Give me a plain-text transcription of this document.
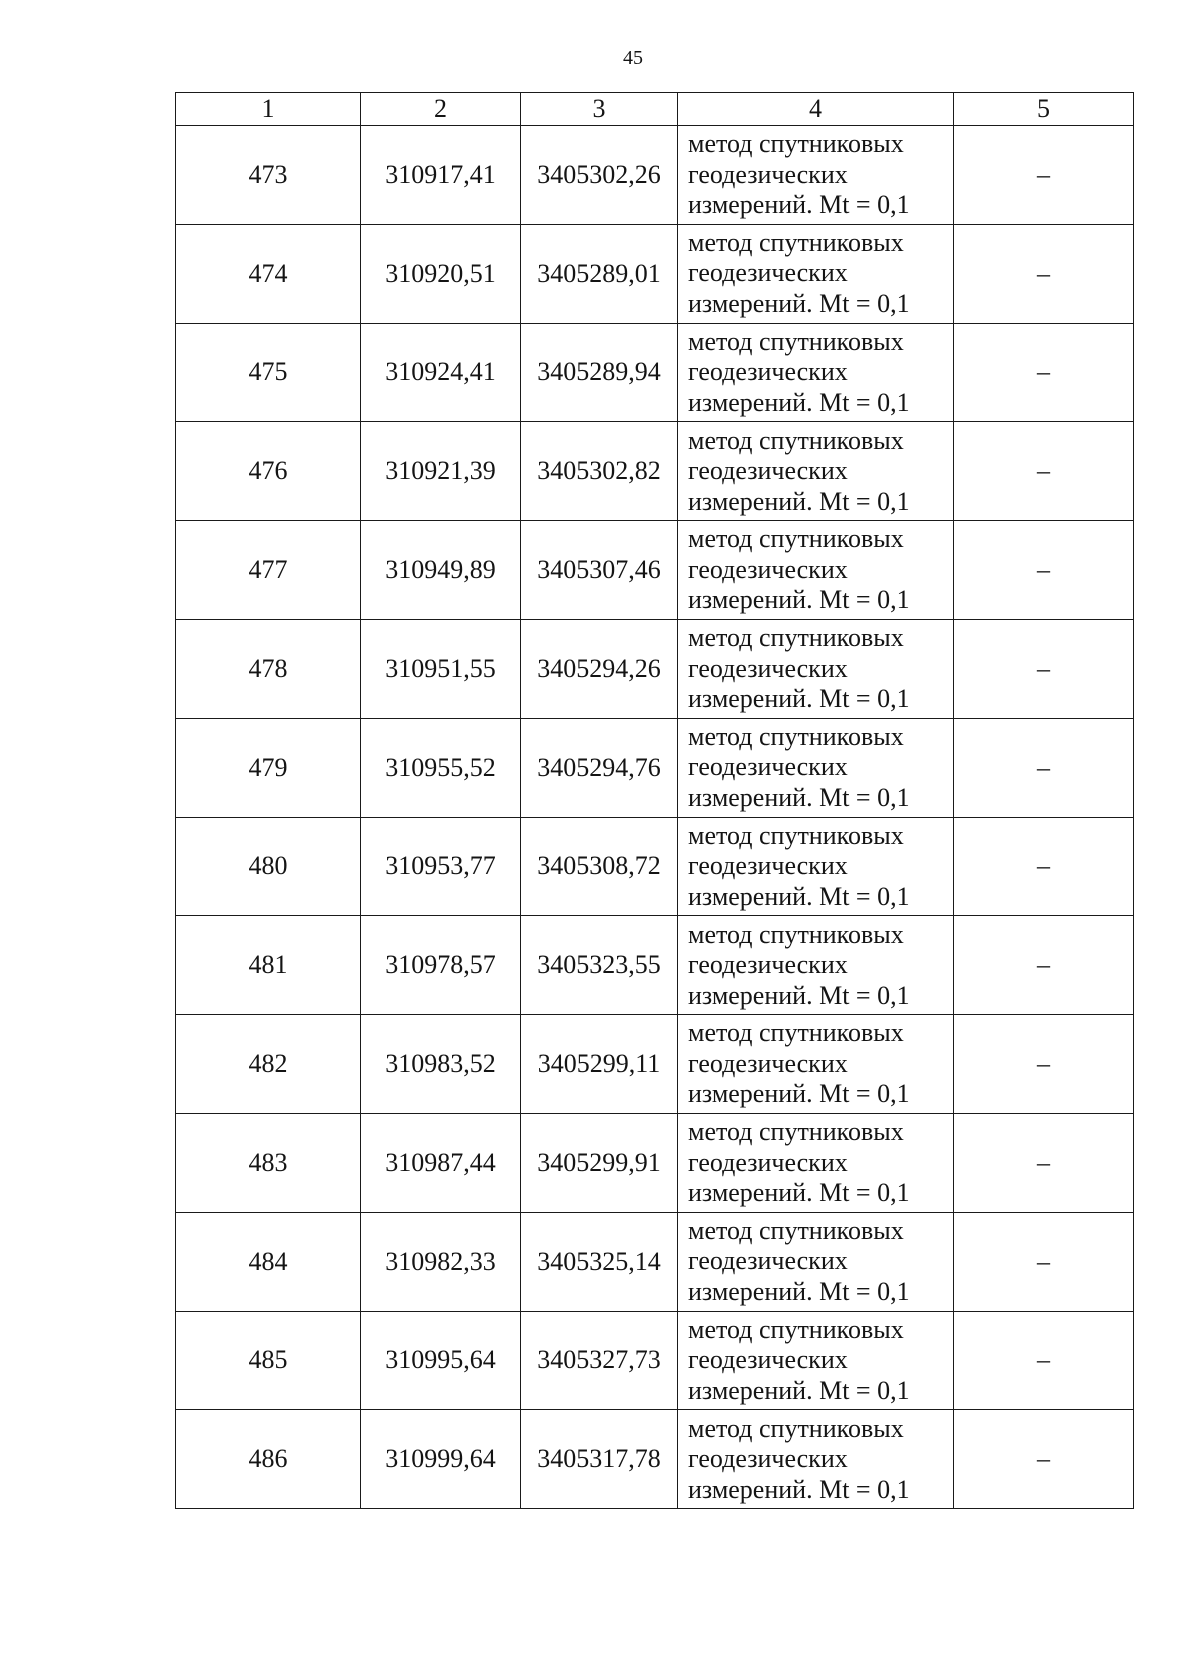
45
1	2	3	4	5
473	310917,41	3405302,26	метод спутниковых
геодезических
измерений. Mt = 0,1	–
474	310920,51	3405289,01	метод спутниковых
геодезических
измерений. Mt = 0,1	–
475	310924,41	3405289,94	метод спутниковых
геодезических
измерений. Mt = 0,1	–
476	310921,39	3405302,82	метод спутниковых
геодезических
измерений. Mt = 0,1	–
477	310949,89	3405307,46	метод спутниковых
геодезических
измерений. Mt = 0,1	–
478	310951,55	3405294,26	метод спутниковых
геодезических
измерений. Mt = 0,1	–
479	310955,52	3405294,76	метод спутниковых
геодезических
измерений. Mt = 0,1	–
480	310953,77	3405308,72	метод спутниковых
геодезических
измерений. Mt = 0,1	–
481	310978,57	3405323,55	метод спутниковых
геодезических
измерений. Mt = 0,1	–
482	310983,52	3405299,11	метод спутниковых
геодезических
измерений. Mt = 0,1	–
483	310987,44	3405299,91	метод спутниковых
геодезических
измерений. Mt = 0,1	–
484	310982,33	3405325,14	метод спутниковых
геодезических
измерений. Mt = 0,1	–
485	310995,64	3405327,73	метод спутниковых
геодезических
измерений. Mt = 0,1	–
486	310999,64	3405317,78	метод спутниковых
геодезических
измерений. Mt = 0,1	–
